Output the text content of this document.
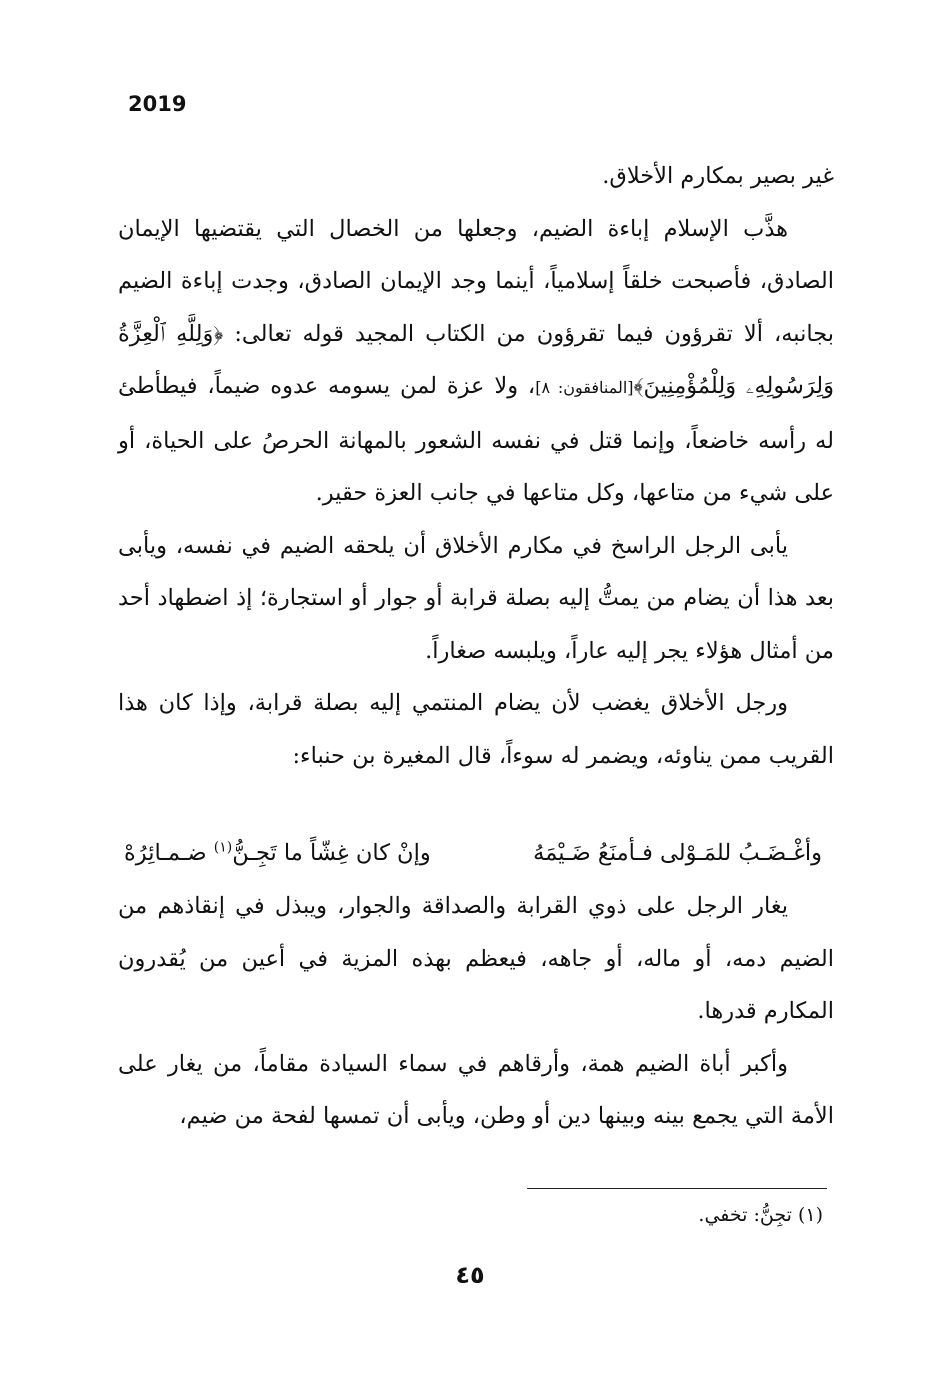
2019

غير بصير بمكارم الأخلاق.

هذَّب الإسلام إباءة الضيم، وجعلها من الخصال التي يقتضيها الإيمان الصادق، فأصبحت خلقاً إسلامياً، أينما وجد الإيمان الصادق، وجدت إباءة الضيم بجانبه، ألا تقرؤون فيما تقرؤون من الكتاب المجيد قوله تعالى: ﴿وَلِلَّهِ ٱلْعِزَّةُ وَلِرَسُولِهِۦ وَلِلْمُؤْمِنِينَ﴾[المنافقون: ٨]، ولا عزة لمن يسومه عدوه ضيماً، فيطأطئ له رأسه خاضعاً، وإنما قتل في نفسه الشعور بالمهانة الحرصُ على الحياة، أو على شيء من متاعها، وكل متاعها في جانب العزة حقير.

يأبى الرجل الراسخ في مكارم الأخلاق أن يلحقه الضيم في نفسه، ويأبى بعد هذا أن يضام من يمتُّ إليه بصلة قرابة أو جوار أو استجارة؛ إذ اضطهاد أحد من أمثال هؤلاء يجر إليه عاراً، ويلبسه صغاراً.

ورجل الأخلاق يغضب لأن يضام المنتمي إليه بصلة قرابة، وإذا كان هذا القريب ممن يناوئه، ويضمر له سوءاً، قال المغيرة بن حنباء:

وأغْـضَـبُ للمَـوْلى فـأمنَعُ ضَـيْمَهُ
وإنْ كان غِشّاً ما تَجِـنُّ$^{(١)}$ ضـمـائِرُهْ

يغار الرجل على ذوي القرابة والصداقة والجوار، ويبذل في إنقاذهم من الضيم دمه، أو ماله، أو جاهه، فيعظم بهذه المزية في أعين من يُقدرون المكارم قدرها.

وأكبر أباة الضيم همة، وأرقاهم في سماء السيادة مقاماً، من يغار على الأمة التي يجمع بينه وبينها دين أو وطن، ويأبى أن تمسها لفحة من ضيم،

(١) تجِنُّ: تخفي.
٤٥
